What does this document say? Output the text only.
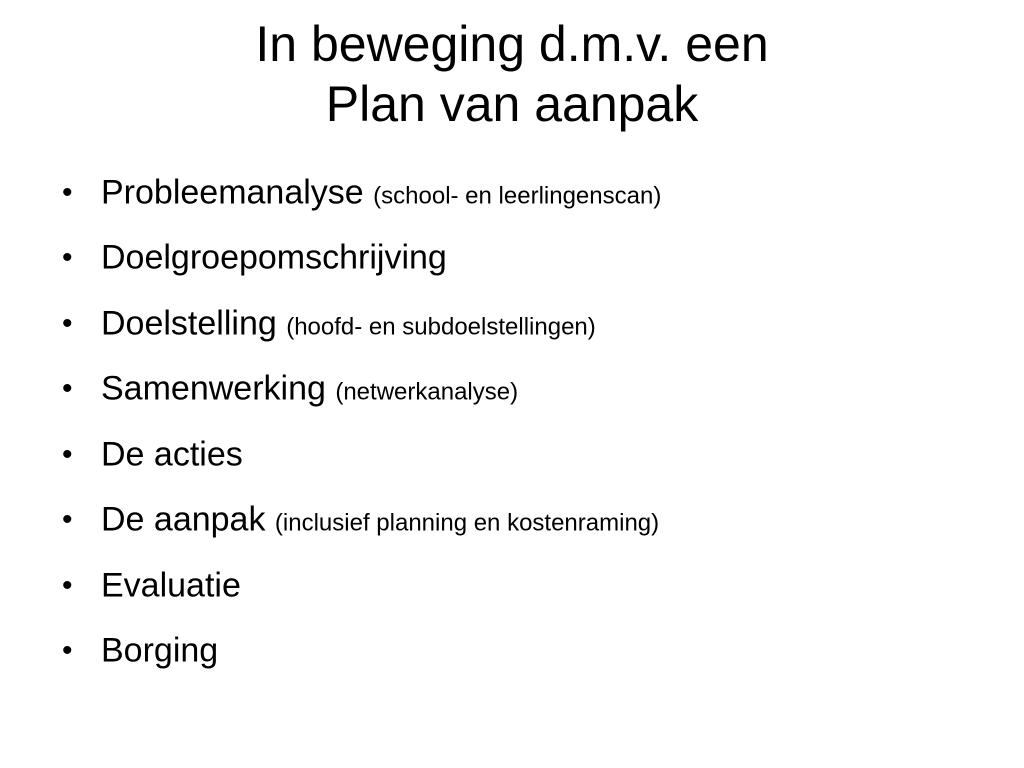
In beweging d.m.v. een
Plan van aanpak
• Probleemanalyse (school- en leerlingenscan)
• Doelgroepomschrijving
• Doelstelling (hoofd- en subdoelstellingen)
• Samenwerking (netwerkanalyse)
• De acties
• De aanpak (inclusief planning en kostenraming)
• Evaluatie
• Borging
